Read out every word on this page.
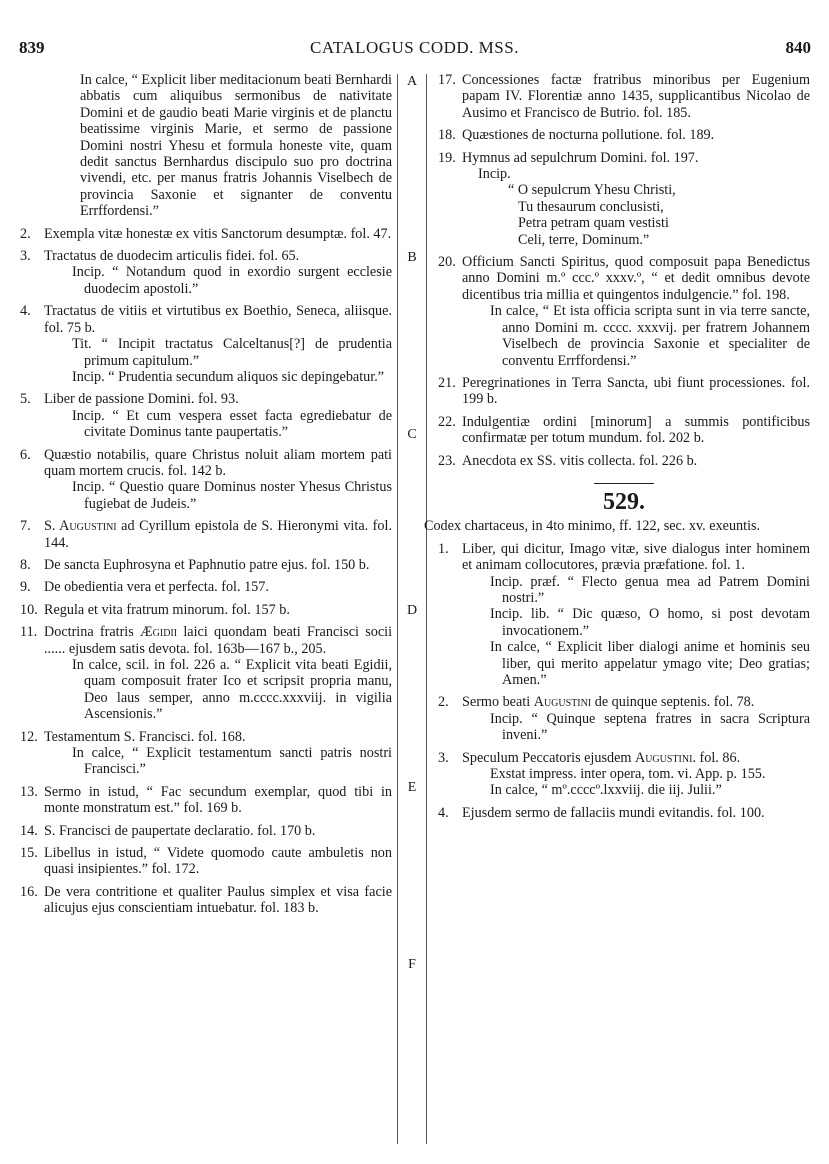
839	CATALOGUS CODD. MSS.	840
A
B
C
D
E
F

In calce, “ Explicit liber meditacionum beati Bernhardi abbatis cum aliquibus sermonibus de nativitate Domini et de gaudio beati Marie virginis et de planctu beatissime virginis Marie, et sermo de passione Domini nostri Yhesu et formula honeste vite, quam dedit sanctus Bernhardus discipulo suo pro doctrina vivendi, etc. per manus fratris Johannis Viselbech de provincia Saxonie et signanter de conventu Errffordensi.”

2. Exempla vitæ honestæ ex vitis Sanctorum desumptæ. fol. 47.
3. Tractatus de duodecim articulis fidei. fol. 65.

Incip. “ Notandum quod in exordio surgent ecclesie duodecim apostoli.”

4. Tractatus de vitiis et virtutibus ex Boethio, Seneca, aliisque. fol. 75 b.

Tit. “ Incipit tractatus Calceltanus[?] de prudentia primum capitulum.”

Incip. “ Prudentia secundum aliquos sic depingebatur.”

5. Liber de passione Domini. fol. 93.

Incip. “ Et cum vespera esset facta egrediebatur de civitate Dominus tante paupertatis.”

6. Quæstio notabilis, quare Christus noluit aliam mortem pati quam mortem crucis. fol. 142 b.

Incip. “ Questio quare Dominus noster Yhesus Christus fugiebat de Judeis.”

7. S. Augustini ad Cyrillum epistola de S. Hieronymi vita. fol. 144.
8. De sancta Euphrosyna et Paphnutio patre ejus. fol. 150 b.
9. De obedientia vera et perfecta. fol. 157.
10. Regula et vita fratrum minorum. fol. 157 b.
11. Doctrina fratris Ægidii laici quondam beati Francisci socii ...... ejusdem satis devota. fol. 163b—167 b., 205.

In calce, scil. in fol. 226 a. “ Explicit vita beati Egidii, quam composuit frater Ico et scripsit propria manu, Deo laus semper, anno m.cccc.xxxviij. in vigilia Ascensionis.”

12. Testamentum S. Francisci. fol. 168.

In calce, “ Explicit testamentum sancti patris nostri Francisci.”

13. Sermo in istud, “ Fac secundum exemplar, quod tibi in monte monstratum est.” fol. 169 b.
14. S. Francisci de paupertate declaratio. fol. 170 b.
15. Libellus in istud, “ Videte quomodo caute ambuletis non quasi insipientes.” fol. 172.
16. De vera contritione et qualiter Paulus simplex et visa facie alicujus ejus conscientiam intuebatur. fol. 183 b.
17. Concessiones factæ fratribus minoribus per Eugenium papam IV. Florentiæ anno 1435, supplicantibus Nicolao de Ausimo et Francisco de Butrio. fol. 185.
18. Quæstiones de nocturna pollutione. fol. 189.
19. Hymnus ad sepulchrum Domini. fol. 197.

Incip.

“ O sepulcrum Yhesu Christi,

Tu thesaurum conclusisti,

Petra petram quam vestisti

Celi, terre, Dominum.”

20. Officium Sancti Spiritus, quod composuit papa Benedictus anno Domini m.º ccc.º xxxv.º, “ et dedit omnibus devote dicentibus tria millia et quingentos indulgencie.” fol. 198.

In calce, “ Et ista officia scripta sunt in via terre sancte, anno Domini m. cccc. xxxvij. per fratrem Johannem Viselbech de provincia Saxonie et specialiter de conventu Errffordensi.”

21. Peregrinationes in Terra Sancta, ubi fiunt processiones. fol. 199 b.
22. Indulgentiæ ordini [minorum] a summis pontificibus confirmatæ per totum mundum. fol. 202 b.
23. Anecdota ex SS. vitis collecta. fol. 226 b.
529.
Codex chartaceus, in 4to minimo, ff. 122, sec. xv. exeuntis.
1. Liber, qui dicitur, Imago vitæ, sive dialogus inter hominem et animam collocutores, prævia præfatione. fol. 1.

Incip. præf. “ Flecto genua mea ad Patrem Domini nostri.”

Incip. lib. “ Dic quæso, O homo, si post devotam invocationem.”

In calce, “ Explicit liber dialogi anime et hominis seu liber, qui merito appelatur ymago vite; Deo gratias; Amen.”

2. Sermo beati Augustini de quinque septenis. fol. 78.

Incip. “ Quinque septena fratres in sacra Scriptura inveni.”

3. Speculum Peccatoris ejusdem Augustini. fol. 86.

Exstat impress. inter opera, tom. vi. App. p. 155.

In calce, “ mº.ccccº.lxxviij. die iij. Julii.”

4. Ejusdem sermo de fallaciis mundi evitandis. fol. 100.
